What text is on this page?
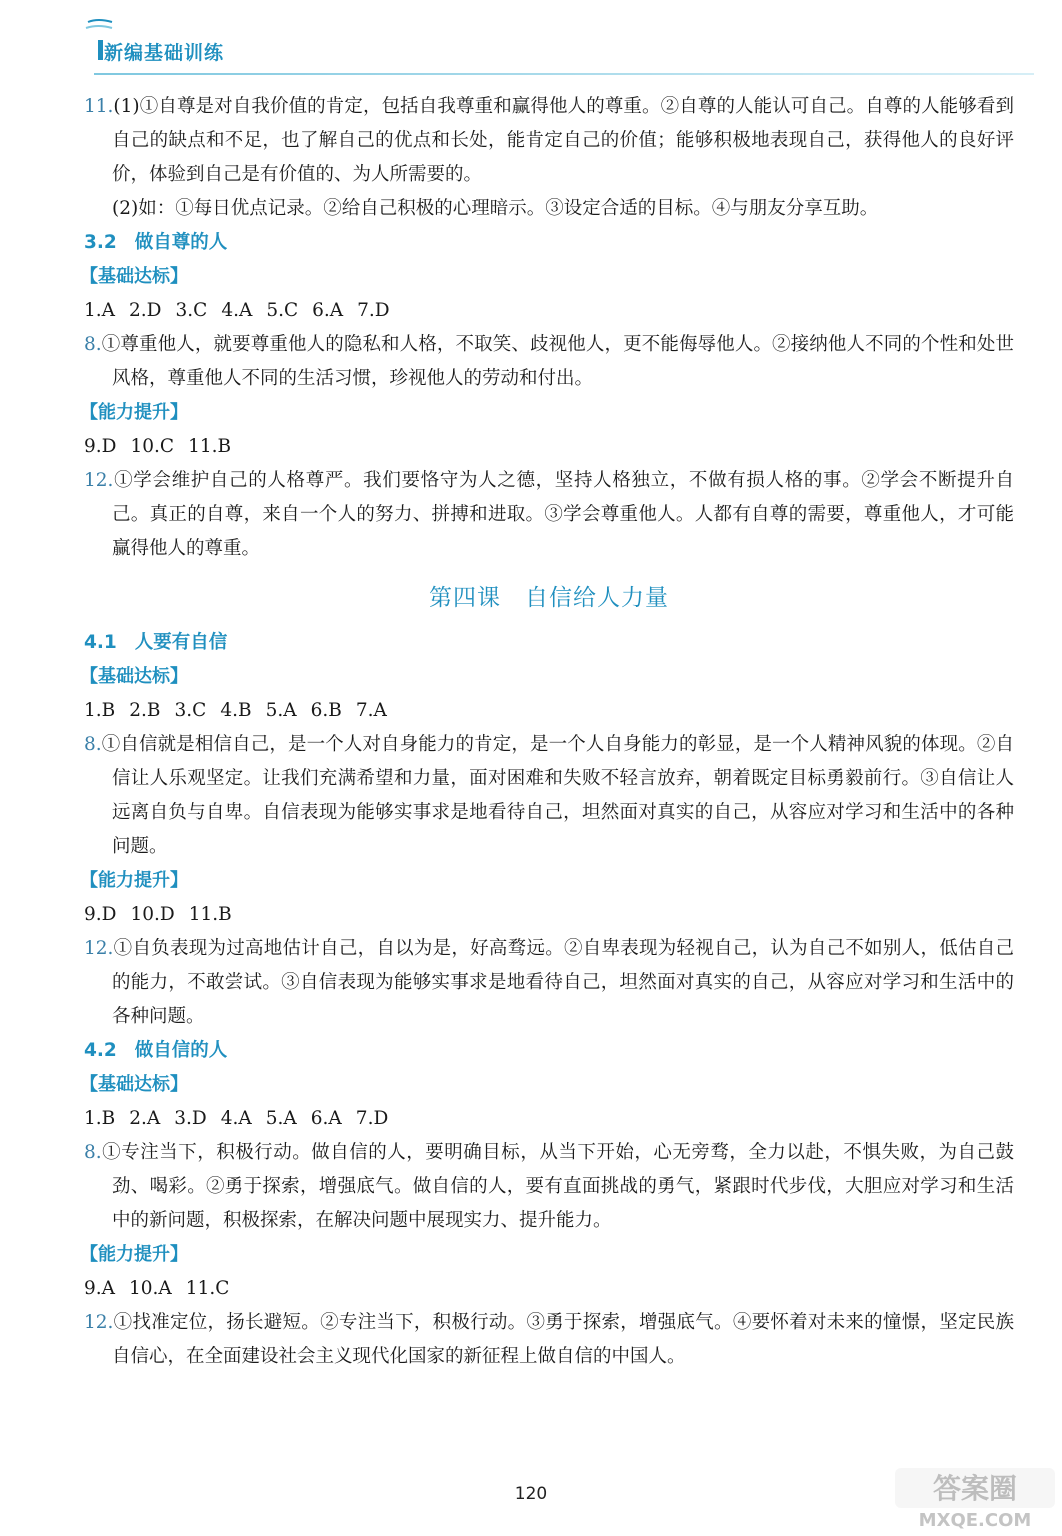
新编基础训练

11.(1)①自尊是对自我价值的肯定，包括自我尊重和赢得他人的尊重。②自尊的人能认可自己。自尊的人能够看到自己的缺点和不足，也了解自己的优点和长处，能肯定自己的价值；能够积极地表现自己，获得他人的良好评价，体验到自己是有价值的、为人所需要的。

(2)如：①每日优点记录。②给自己积极的心理暗示。③设定合适的目标。④与朋友分享互助。

3.2 做自尊的人

【基础达标】

1.A 2.D 3.C 4.A 5.C 6.A 7.D

8.①尊重他人，就要尊重他人的隐私和人格，不取笑、歧视他人，更不能侮辱他人。②接纳他人不同的个性和处世风格，尊重他人不同的生活习惯，珍视他人的劳动和付出。

【能力提升】

9.D 10.C 11.B

12.①学会维护自己的人格尊严。我们要恪守为人之德，坚持人格独立，不做有损人格的事。②学会不断提升自己。真正的自尊，来自一个人的努力、拼搏和进取。③学会尊重他人。人都有自尊的需要，尊重他人，才可能赢得他人的尊重。

第四课 自信给人力量

4.1 人要有自信

【基础达标】

1.B 2.B 3.C 4.B 5.A 6.B 7.A

8.①自信就是相信自己，是一个人对自身能力的肯定，是一个人自身能力的彰显，是一个人精神风貌的体现。②自信让人乐观坚定。让我们充满希望和力量，面对困难和失败不轻言放弃，朝着既定目标勇毅前行。③自信让人远离自负与自卑。自信表现为能够实事求是地看待自己，坦然面对真实的自己，从容应对学习和生活中的各种问题。

【能力提升】

9.D 10.D 11.B

12.①自负表现为过高地估计自己，自以为是，好高骛远。②自卑表现为轻视自己，认为自己不如别人，低估自己的能力，不敢尝试。③自信表现为能够实事求是地看待自己，坦然面对真实的自己，从容应对学习和生活中的各种问题。

4.2 做自信的人

【基础达标】

1.B 2.A 3.D 4.A 5.A 6.A 7.D

8.①专注当下，积极行动。做自信的人，要明确目标，从当下开始，心无旁骛，全力以赴，不惧失败，为自己鼓劲、喝彩。②勇于探索，增强底气。做自信的人，要有直面挑战的勇气，紧跟时代步伐，大胆应对学习和生活中的新问题，积极探索，在解决问题中展现实力、提升能力。

【能力提升】

9.A 10.A 11.C

12.①找准定位，扬长避短。②专注当下，积极行动。③勇于探索，增强底气。④要怀着对未来的憧憬，坚定民族自信心，在全面建设社会主义现代化国家的新征程上做自信的中国人。

120	答案圈
MXQE.COM
